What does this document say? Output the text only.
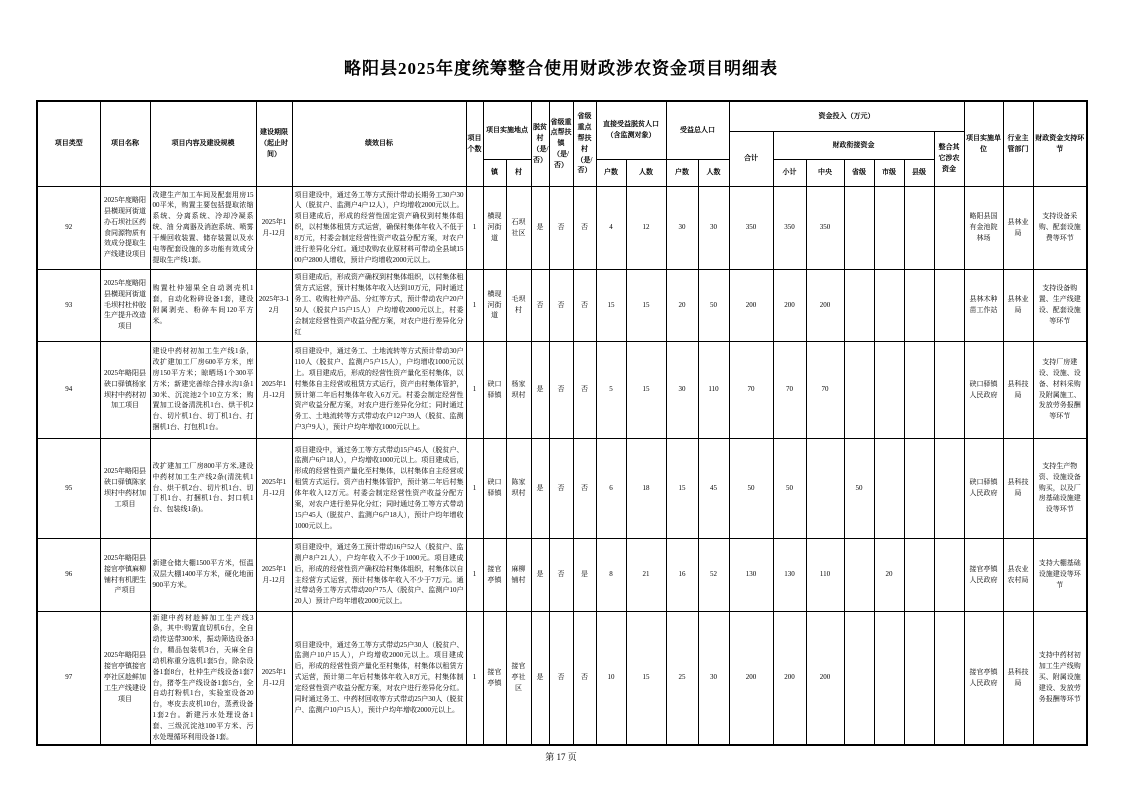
略阳县2025年度统筹整合使用财政涉农资金项目明细表
项目类型	项目名称	项目内容及建设规模	建设期限（起止时间）	绩效目标	项目个数	项目实施地点		脱贫村（是/否）	省级重点帮扶镇（是/否）	省级重点帮扶村（是/否）	直接受益脱贫人口（含监测对象）		受益总人口		资金投入（万元）							项目实施单位	行业主管部门	财政资金支持环节
															合计	财政衔接资金					整合其它涉农资金			
						镇	村				户数	人数	户数	人数		小计	中央	省级	市级	县级				
92	2025年度略阳县横现河街道办石坝社区药食同源物质有效成分提取生产线建设项目	改建生产加工车间及配套用房1500平米，购置主要包括提取浓缩系统、分离系统、冷却冷凝系统、油 分离器及消泡系统、喷雾干燥回收装置、储存装置以及水电等配套设施的多功能有效成分提取生产线1套。	2025年1月-12月	项目建设中，通过务工等方式预计带动长期务工30户30人（脱贫户、监测户4户12人），户均增收2000元以上。项目建成后，形成的经营性固定资产确权到村集体组织，以村集体租赁方式运营，确保村集体年收入不低于8万元，村委会制定经营性资产收益分配方案，对农户进行差异化分红。通过收购农业原材料可带动全县域1500户2800人增收，预计户均增收2000元以上。	1	横现河街道	石坝社区	是	否	否	4	12	30	30	350	350	350					略阳县国有金池院林场	县林业局	支持设备采购、配套设施费等环节
93	2025年度略阳县横现河街道毛坝村杜仲胶生产提升改造项目	购置杜仲翅果全自动剥壳机1套，自动化粉碎设备1套，建设附属剥壳、粉碎车间120平方米。	2025年3-12月	项目建成后，形成资产确权到村集体组织，以村集体租赁方式运营，预计村集体年收入达到10万元，同时通过务工、收购杜仲产品、分红等方式，预计带动农户20户50人（脱贫户15户15人） 户均增收2000元以上，村委会制定经营性资产收益分配方案，对农户进行差异化分红	1	横现河街道	毛坝村	否	否	否	15	15	20	50	200	200	200					县林木种苗工作站	县林业局	支持设备购置、生产线建设、配套设施等环节
94	2025年略阳县硖口驿镇杨家坝村中药材初加工项目	建设中药材初加工生产线1条，改扩建加工厂房600平方米，库房150平方米；晾晒场1个300平方米；新建完善综合排水沟1条130米、沉淀池2个10立方米；购置加工设备清洗机1台、烘干机2台、切片机1台、切丁机1台、打捆机1台、打包机1台。	2025年1月-12月	项目建设中，通过务工、土地流转等方式预计带动30户110人（脱贫户、监测户5户15人），户均增收1000元以上。项目建成后，形成的经营性资产量化至村集体，以村集体自主经营或租赁方式运行，资产由村集体管护，预计第二年后村集体年收入6万元。村委会制定经营性资产收益分配方案，对农户进行差异化分红；同时通过务工、土地流转等方式带动农户12户39人（脱贫、监测户3户9人），预计户均年增收1000元以上。	1	硖口驿镇	杨家坝村	是	否	否	5	15	30	110	70	70	70					硖口驿镇人民政府	县科技局	支持厂房建设、设施、设备、材料采购及附属施工、发放劳务报酬等环节
95	2025年略阳县硖口驿镇陈家坝村中药材加工项目	改扩建加工厂房800平方米,建设中药材加工生产线2条(清洗机1台、烘干机2台、切片机1台、切丁机1台、打捆机1台、封口机1台、包装线1条)。	2025年1月-12月	项目建设中，通过务工等方式带动15户45人（脱贫户、监测户6户18人），户均增收1000元以上。项目建成后，形成的经营性资产量化至村集体，以村集体自主经营或租赁方式运行。资产由村集体管护，预计第二年后村集体年收入12万元。村委会制定经营性资产收益分配方案，对农户进行差异化分红；同时通过务工等方式带动15户45人（脱贫户、监测户6户18人），预计户均年增收1000元以上。	1	硖口驿镇	陈家坝村	是	否	否	6	18	15	45	50	50		50				硖口驿镇人民政府	县科技局	支持生产物资、设施设备购买，以及厂房基础设施建设等环节
96	2025年略阳县接官亭镇麻柳铺村有机肥生产项目	新建仓储大棚1500平方米，恒温双层大棚1400平方米，硬化地面900平方米。	2025年1月-12月	项目建设中，通过务工预计带动16户52人（脱贫户、监测户8户21人），户均年收入不少于1000元。项目建成后，形成的经营性资产确权给村集体组织，村集体以自主经营方式运营，预计村集体年收入不少于7万元。通过带动务工等方式带动20户75人（脱贫户、监测户10户20人）预计户均年增收2000元以上。	1	接官亭镇	麻柳铺村	是	否	是	8	21	16	52	130	130	110		20			接官亭镇人民政府	县农业农村局	支持大棚基础设施建设等环节
97	2025年略阳县接官亭镇接官亭社区趁鲜加工生产线建设项目	新建中药材趁鲜加工生产线3条，其中:购置直切机6台，全自动传送带300米，振动筛选设备3台，精品包装机3台，天麻全自动机称重分选机1套5台，除杂设备1套8台，杜仲生产线设备1套7台，猪苓生产线设备1套5台，全自动打粉机1台，实验室设备20台，枣皮去皮机10台，蒸煮设备1套2台。新建污水处理设备1套、三级沉淀池100平方米、污水处理循环利用设备1套。	2025年1月-12月	项目建设中，通过务工等方式带动25户30人（脱贫户、监测户10户15人），户均增收2000元以上。项目建成后，形成的经营性资产量化至村集体，村集体以租赁方式运营，预计第二年后村集体年收入8万元，村集体制定经营性资产收益分配方案，对农户进行差异化分红。同时通过务工、中药材回收等方式带动25户30人（脱贫户、监测户10户15人），预计户均年增收2000元以上。	1	接官亭镇	接官亭社区	是	否	否	10	15	25	30	200	200	200					接官亭镇人民政府	县科技局	支持中药材初加工生产线购买、附属设施建设、发放劳务报酬等环节
第 17 页
